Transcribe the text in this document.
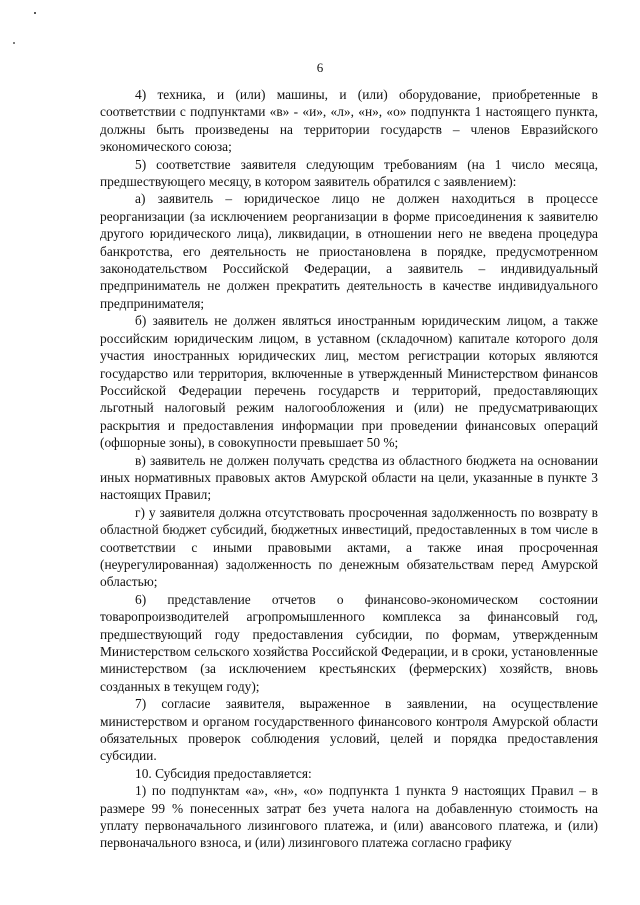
6

4) техника, и (или) машины, и (или) оборудование, приобретенные в соответствии с подпунктами «в» - «и», «л», «н», «о» подпункта 1 настоящего пункта, должны быть произведены на территории государств – членов Евразийского экономического союза;

5) соответствие заявителя следующим требованиям (на 1 число месяца, предшествующего месяцу, в котором заявитель обратился с заявлением):

а) заявитель – юридическое лицо не должен находиться в процессе реорганизации (за исключением реорганизации в форме присоединения к заявителю другого юридического лица), ликвидации, в отношении него не введена процедура банкротства, его деятельность не приостановлена в порядке, предусмотренном законодательством Российской Федерации, а заявитель – индивидуальный предприниматель не должен прекратить деятельность в качестве индивидуального предпринимателя;

б) заявитель не должен являться иностранным юридическим лицом, а также российским юридическим лицом, в уставном (складочном) капитале которого доля участия иностранных юридических лиц, местом регистрации которых являются государство или территория, включенные в утвержденный Министерством финансов Российской Федерации перечень государств и территорий, предоставляющих льготный налоговый режим налогообложения и (или) не предусматривающих раскрытия и предоставления информации при проведении финансовых операций (офшорные зоны), в совокупности превышает 50 %;

в) заявитель не должен получать средства из областного бюджета на основании иных нормативных правовых актов Амурской области на цели, указанные в пункте 3 настоящих Правил;

г) у заявителя должна отсутствовать просроченная задолженность по возврату в областной бюджет субсидий, бюджетных инвестиций, предоставленных в том числе в соответствии с иными правовыми актами, а также иная просроченная (неурегулированная) задолженность по денежным обязательствам перед Амурской областью;

6) представление отчетов о финансово-экономическом состоянии товаропроизводителей агропромышленного комплекса за финансовый год, предшествующий году предоставления субсидии, по формам, утвержденным Министерством сельского хозяйства Российской Федерации, и в сроки, установленные министерством (за исключением крестьянских (фермерских) хозяйств, вновь созданных в текущем году);

7) согласие заявителя, выраженное в заявлении, на осуществление министерством и органом государственного финансового контроля Амурской области обязательных проверок соблюдения условий, целей и порядка предоставления субсидии.

10. Субсидия предоставляется:

1) по подпунктам «а», «н», «о» подпункта 1 пункта 9 настоящих Правил – в размере 99 % понесенных затрат без учета налога на добавленную стоимость на уплату первоначального лизингового платежа, и (или) авансового платежа, и (или) первоначального взноса, и (или) лизингового платежа согласно графику
